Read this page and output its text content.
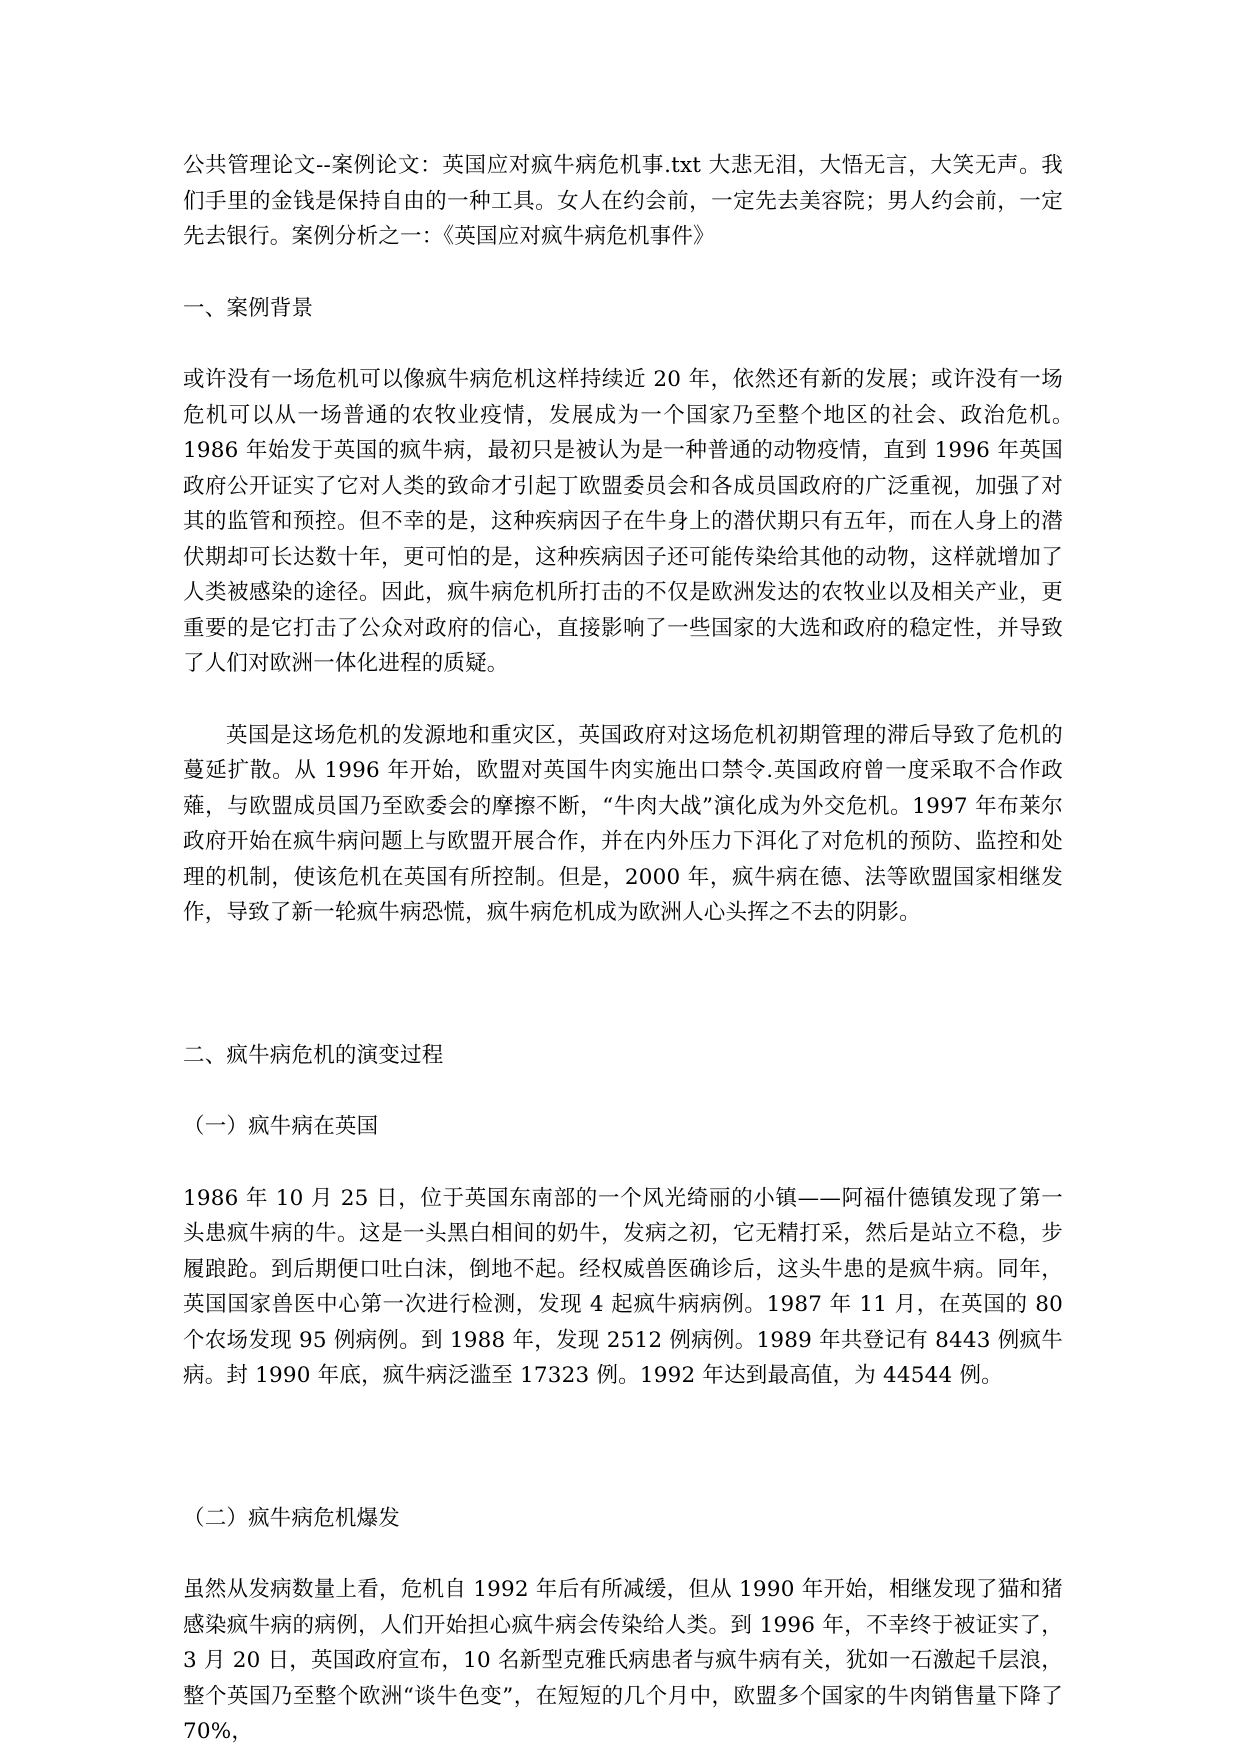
公共管理论文--案例论文：英国应对疯牛病危机事.txt 大悲无泪，大悟无言，大笑无声。我们手里的金钱是保持自由的一种工具。女人在约会前，一定先去美容院；男人约会前，一定先去银行。案例分析之一：《英国应对疯牛病危机事件》

一、案例背景

或许没有一场危机可以像疯牛病危机这样持续近 20 年，依然还有新的发展；或许没有一场危机可以从一场普通的农牧业疫情，发展成为一个国家乃至整个地区的社会、政治危机。　　1986 年始发于英国的疯牛病，最初只是被认为是一种普通的动物疫情，直到 1996 年英国政府公开证实了它对人类的致命才引起丁欧盟委员会和各成员国政府的广泛重视，加强了对其的监管和预控。但不幸的是，这种疾病因子在牛身上的潜伏期只有五年，而在人身上的潜伏期却可长达数十年，更可怕的是，这种疾病因子还可能传染给其他的动物，这样就增加了人类被感染的途径。因此，疯牛病危机所打击的不仅是欧洲发达的农牧业以及相关产业，更重要的是它打击了公众对政府的信心，直接影响了一些国家的大选和政府的稳定性，并导致了人们对欧洲一体化进程的质疑。

英国是这场危机的发源地和重灾区，英国政府对这场危机初期管理的滞后导致了危机的蔓延扩散。从 1996 年开始，欧盟对英国牛肉实施出口禁令.英国政府曾一度采取不合作政薙，与欧盟成员国乃至欧委会的摩擦不断，“牛肉大战”演化成为外交危机。1997 年布莱尔政府开始在疯牛病问题上与欧盟开展合作，并在内外压力下洱化了对危机的预防、监控和处理的机制，使该危机在英国有所控制。但是，2000 年，疯牛病在德、法等欧盟国家相继发作，导致了新一轮疯牛病恐慌，疯牛病危机成为欧洲人心头挥之不去的阴影。

二、疯牛病危机的演变过程

（一）疯牛病在英国

1986 年 10 月 25 日，位于英国东南部的一个风光绮丽的小镇——阿福什德镇发现了第一头患疯牛病的牛。这是一头黑白相间的奶牛，发病之初，它无精打采，然后是站立不稳，步履踉跄。到后期便口吐白沫，倒地不起。经权威兽医确诊后，这头牛患的是疯牛病。同年，英国国家兽医中心第一次进行检测，发现 4 起疯牛病病例。1987 年 11 月，在英国的 80 个农场发现 95 例病例。到 1988 年，发现 2512 例病例。1989 年共登记有 8443 例疯牛病。封 1990 年底，疯牛病泛滥至 17323 例。1992 年达到最高值，为 44544 例。

（二）疯牛病危机爆发

虽然从发病数量上看，危机自 1992 年后有所减缓，但从 1990 年开始，相继发现了猫和猪感染疯牛病的病例，人们开始担心疯牛病会传染给人类。到 1996 年，不幸终于被证实了，3 月 20 日，英国政府宣布，10 名新型克雅氏病患者与疯牛病有关，犹如一石激起千层浪，整个英国乃至整个欧洲“谈牛色变”，在短短的几个月中，欧盟多个国家的牛肉销售量下降了 70%，
